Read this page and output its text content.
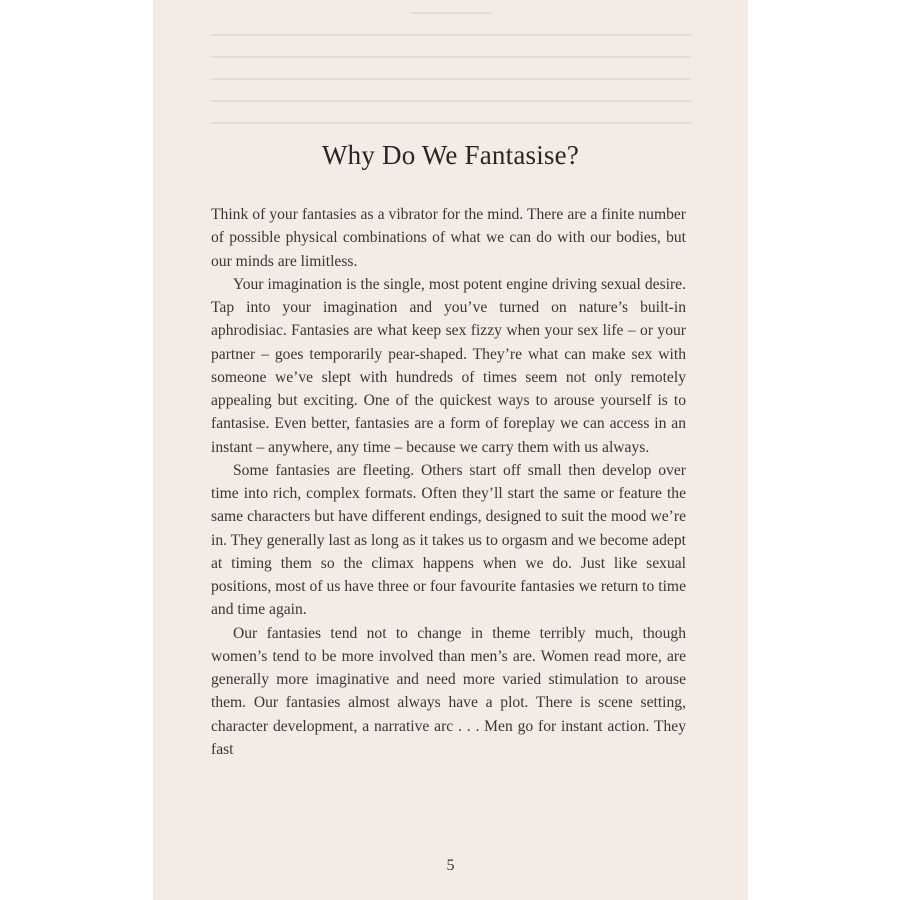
Why Do We Fantasise?

Think of your fantasies as a vibrator for the mind. There are a finite number of possible physical combinations of what we can do with our bodies, but our minds are limitless.

Your imagination is the single, most potent engine driving sexual desire. Tap into your imagination and you’ve turned on nature’s built-in aphrodisiac. Fantasies are what keep sex fizzy when your sex life – or your partner – goes temporarily pear-shaped. They’re what can make sex with someone we’ve slept with hundreds of times seem not only remotely appealing but exciting. One of the quickest ways to arouse yourself is to fantasise. Even better, fantasies are a form of foreplay we can access in an instant – anywhere, any time – because we carry them with us always.

Some fantasies are fleeting. Others start off small then develop over time into rich, complex formats. Often they’ll start the same or feature the same characters but have different endings, designed to suit the mood we’re in. They generally last as long as it takes us to orgasm and we become adept at timing them so the climax happens when we do. Just like sexual positions, most of us have three or four favourite fantasies we return to time and time again.

Our fantasies tend not to change in theme terribly much, though women’s tend to be more involved than men’s are. Women read more, are generally more imaginative and need more varied stimulation to arouse them. Our fantasies almost always have a plot. There is scene setting, character development, a narrative arc . . . Men go for instant action. They fast

5
